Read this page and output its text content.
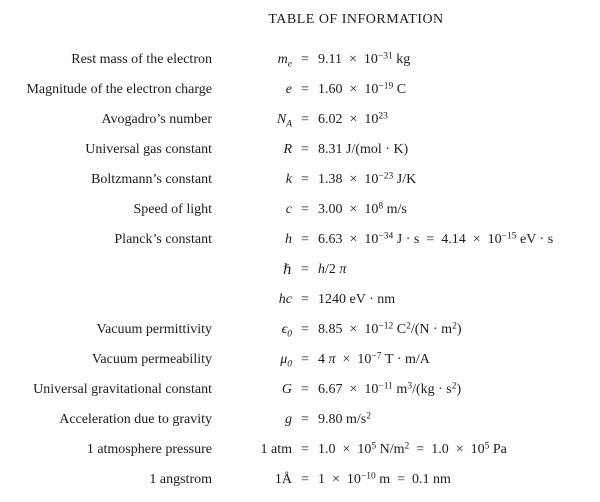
TABLE OF INFORMATION
Rest mass of the electron	$m_e = 9.11 \times 10^{-31}$ kg
Magnitude of the electron charge	$e = 1.60 \times 10^{-19}$ C
Avogadro’s number	$N_A = 6.02 \times 10^{23}$
Universal gas constant	R = 8.31 J/(mol · K)
Boltzmann’s constant	$k = 1.38 \times 10^{-23}$ J/K
Speed of light	$c = 3.00 \times 10^8$ m/s
Planck’s constant	$h = 6.63 \times 10^{-34}$ $J \cdot s = 4.14 \times 10^{-15}$ eV · s
ℏ = h/2 π
hc = 1240 eV · nm
Vacuum permittivity	$\epsilon_0 = 8.85 \times 10^{-12}$ $C^2/(N \cdot m^2)$
Vacuum permeability	$\mu_0 = 4$ $\pi \times 10^{-7}$ T · m/A
Universal gravitational constant	$G = 6.67 \times 10^{-11}$ $m^3/(kg \cdot s^2)$
Acceleration due to gravity	g = 9.80 $m/s^2$
1 atmosphere pressure	1 atm = $1.0 \times 10^5$ $N/m^2 = 1.0 \times 10^5$ Pa
1 angstrom	1Å = $1 \times 10^{-10}$ m  =  0.1 nm
